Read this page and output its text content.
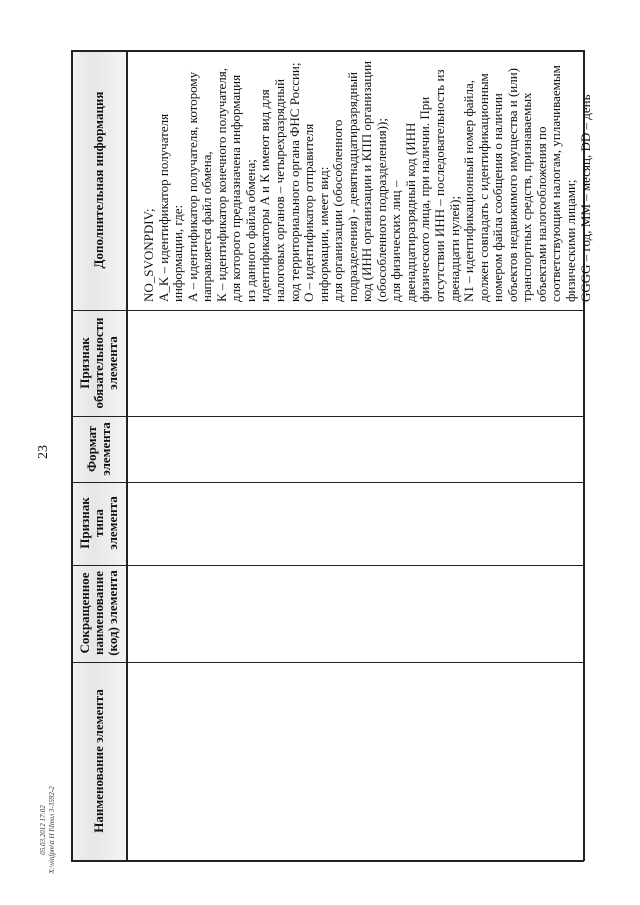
23
Наименование элемента
Сокращенное наименование (код) элемента
Признак типа элемента
Формат элемента
Признак обязательности элемента
Дополнительная информация	NO_SVONPDIV; A_K – идентификатор получателя информации, где: А – идентификатор получателя, которому направляется файл обмена, К – идентификатор конечного получателя, для которого предназначена информация из данного файла обмена; идентификаторы А и К имеют вид для налоговых органов – четырехразрядный код территориального органа ФНС России; О – идентификатор отправителя информации, имеет вид: для организации (обособленного подразделения) - девятнадцатиразрядный код (ИНН организации и КПП организации (обособленного подразделения)); для физических лиц – двенадцатиразрядный код (ИНН физического лица, при наличии. При отсутствии ИНН – последовательность из двенадцати нулей); N1 – идентификационный номер файла, должен совпадать с идентификационным номером файла сообщения о наличии объектов недвижимого имущества и (или) транспортных средств, признаваемых объектами налогообложения по соответствующим налогам, уплачиваемым физическими лицами; GGGG – год, MM – месяц, DD – день
05.03.2012 17:02 X:\vinfpm\tt H I\Ітол 3-3592-2
